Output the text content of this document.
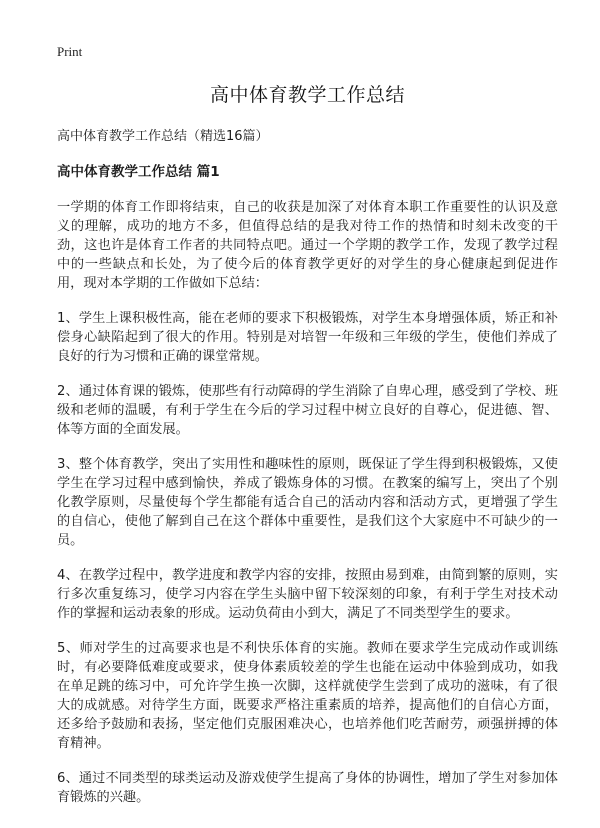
Print

高中体育教学工作总结

高中体育教学工作总结（精选16篇）

高中体育教学工作总结 篇1

一学期的体育工作即将结束，自己的收获是加深了对体育本职工作重要性的认识及意义的理解，成功的地方不多，但值得总结的是我对待工作的热情和时刻未改变的干劲，这也许是体育工作者的共同特点吧。通过一个学期的教学工作，发现了教学过程中的一些缺点和长处，为了使今后的体育教学更好的对学生的身心健康起到促进作用，现对本学期的工作做如下总结：

1、学生上课积极性高，能在老师的要求下积极锻炼，对学生本身增强体质，矫正和补偿身心缺陷起到了很大的作用。特别是对培智一年级和三年级的学生，使他们养成了良好的行为习惯和正确的课堂常规。

2、通过体育课的锻炼，使那些有行动障碍的学生消除了自卑心理，感受到了学校、班级和老师的温暖，有利于学生在今后的学习过程中树立良好的自尊心，促进德、智、体等方面的全面发展。

3、整个体育教学，突出了实用性和趣味性的原则，既保证了学生得到积极锻炼，又使学生在学习过程中感到愉快，养成了锻炼身体的习惯。在教案的编写上，突出了个别化教学原则，尽量使每个学生都能有适合自己的活动内容和活动方式，更增强了学生的自信心，使他了解到自己在这个群体中重要性，是我们这个大家庭中不可缺少的一员。

4、在教学过程中，教学进度和教学内容的安排，按照由易到难，由简到繁的原则，实行多次重复练习，使学习内容在学生头脑中留下较深刻的印象，有利于学生对技术动作的掌握和运动表象的形成。运动负荷由小到大，满足了不同类型学生的要求。

5、师对学生的过高要求也是不利快乐体育的实施。教师在要求学生完成动作或训练时，有必要降低难度或要求，使身体素质较差的学生也能在运动中体验到成功，如我在单足跳的练习中，可允许学生换一次脚，这样就使学生尝到了成功的滋味，有了很大的成就感。对待学生方面，既要求严格注重素质的培养，提高他们的自信心方面，还多给予鼓励和表扬，坚定他们克服困难决心，也培养他们吃苦耐劳，顽强拼搏的体育精神。

6、通过不同类型的球类运动及游戏使学生提高了身体的协调性，增加了学生对参加体育锻炼的兴趣。
